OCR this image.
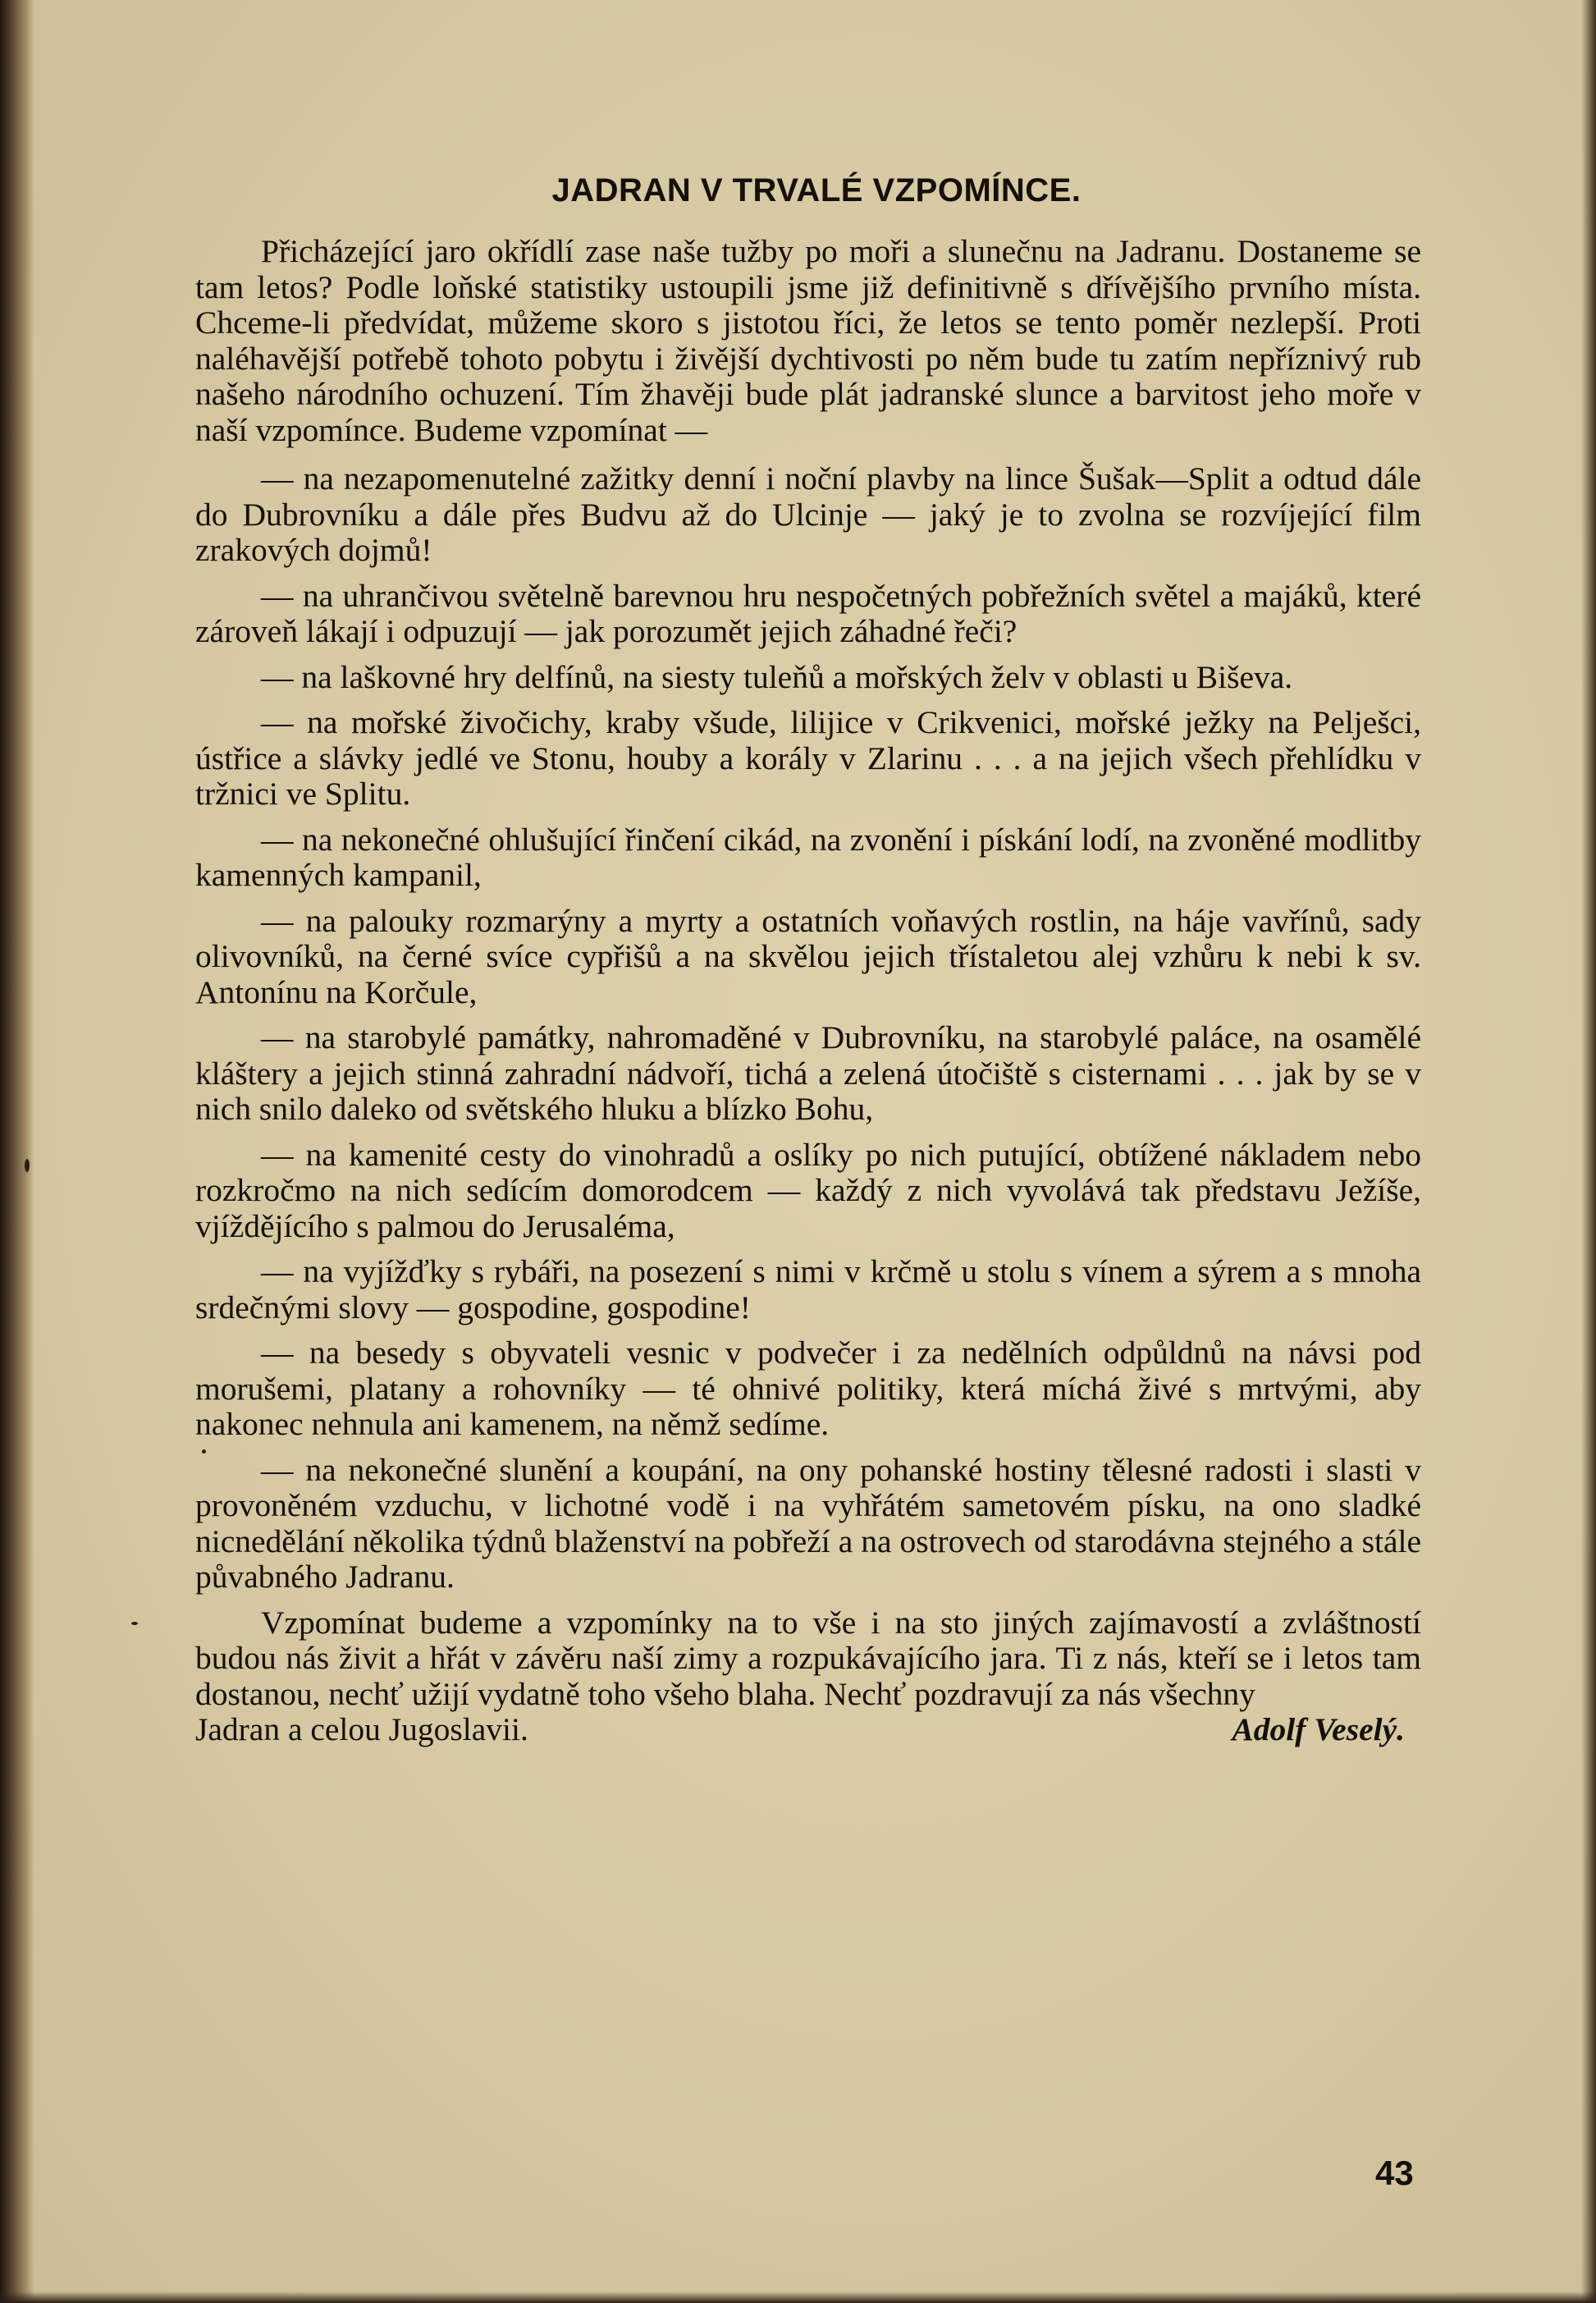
JADRAN V TRVALÉ VZPOMÍNCE.

Přicházející jaro okřídlí zase naše tužby po moři a slunečnu na Jadranu. Dostaneme se tam letos? Podle loňské statistiky ustoupili jsme již definitivně s dřívějšího prvního místa. Chceme-li předvídat, můžeme skoro s jistotou říci, že letos se tento poměr nezlepší. Proti naléhavější potřebě tohoto pobytu i živější dychtivosti po něm bude tu zatím nepříznivý rub našeho národního ochuzení. Tím žhavěji bude plát jadranské slunce a barvitost jeho moře v naší vzpomínce. Budeme vzpomínat —

— na nezapomenutelné zažitky denní i noční plavby na lince Šušak—Split a odtud dále do Dubrovníku a dále přes Budvu až do Ulcinje — jaký je to zvolna se rozvíjející film zrakových dojmů!

— na uhrančivou světelně barevnou hru nespočetných pobřežních světel a majáků, které zároveň lákají i odpuzují — jak porozumět jejich záhadné řeči?

— na laškovné hry delfínů, na siesty tuleňů a mořských želv v oblasti u Biševa.

— na mořské živočichy, kraby všude, lilijice v Crikvenici, mořské ježky na Pelješci, ústřice a slávky jedlé ve Stonu, houby a korály v Zlarinu . . . a na jejich všech přehlídku v tržnici ve Splitu.

— na nekonečné ohlušující řinčení cikád, na zvonění i pískání lodí, na zvoněné modlitby kamenných kampanil,

— na palouky rozmarýny a myrty a ostatních voňavých rostlin, na háje vavřínů, sady olivovníků, na černé svíce cypřišů a na skvělou jejich třístaletou alej vzhůru k nebi k sv. Antonínu na Korčule,

— na starobylé památky, nahromaděné v Dubrovníku, na starobylé paláce, na osamělé kláštery a jejich stinná zahradní nádvoří, tichá a zelená útočiště s cisternami . . . jak by se v nich snilo daleko od světského hluku a blízko Bohu,

— na kamenité cesty do vinohradů a oslíky po nich putující, obtížené nákladem nebo rozkročmo na nich sedícím domorodcem — každý z nich vyvolává tak představu Ježíše, vjíždějícího s palmou do Jerusaléma,

— na vyjížďky s rybáři, na posezení s nimi v krčmě u stolu s vínem a sýrem a s mnoha srdečnými slovy — gospodine, gospodine!

— na besedy s obyvateli vesnic v podvečer i za nedělních odpůldnů na návsi pod morušemi, platany a rohovníky — té ohnivé politiky, která míchá živé s mrtvými, aby nakonec nehnula ani kamenem, na němž sedíme.

— na nekonečné slunění a koupání, na ony pohanské hostiny tělesné radosti i slasti v provoněném vzduchu, v lichotné vodě i na vyhřátém sametovém písku, na ono sladké nicnedělání několika týdnů blaženství na pobřeží a na ostrovech od starodávna stejného a stále půvabného Jadranu.

Vzpomínat budeme a vzpomínky na to vše i na sto jiných zajímavostí a zvláštností budou nás živit a hřát v závěru naší zimy a rozpukávajícího jara. Ti z nás, kteří se i letos tam dostanou, nechť užijí vydatně toho všeho blaha. Nechť pozdravují za nás všechny

Jadran a celou Jugoslavii.	Adolf Veselý.
43
